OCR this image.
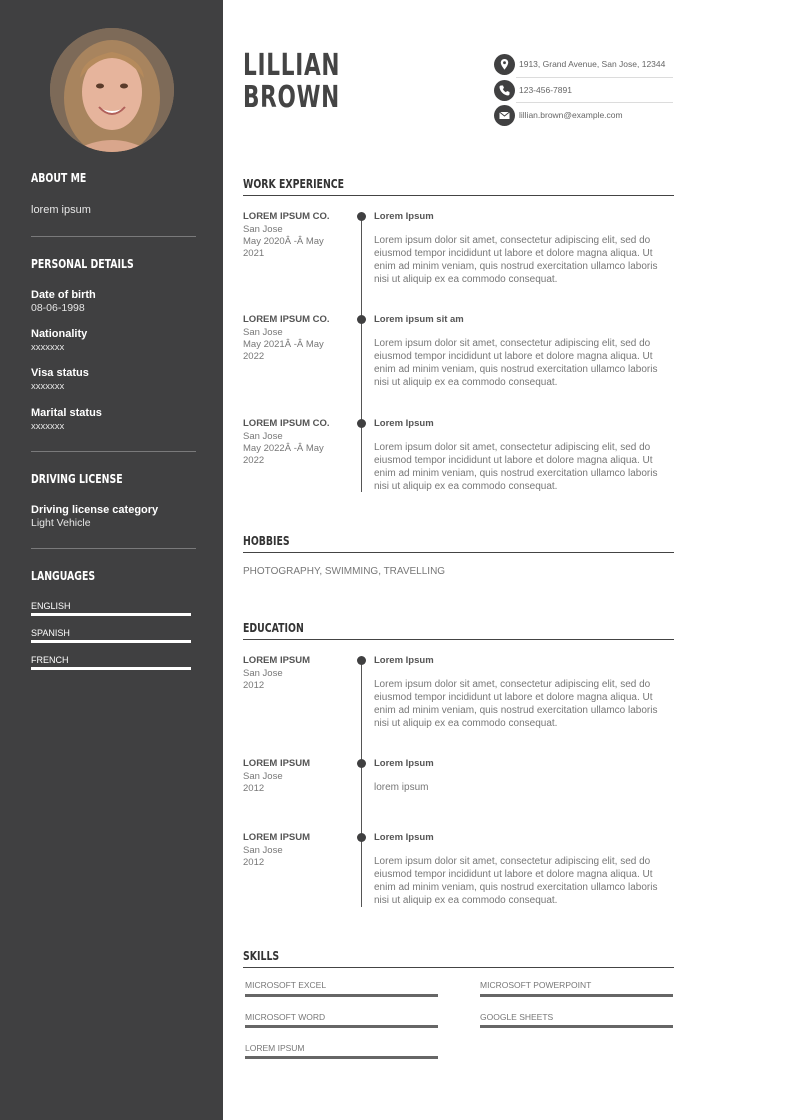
ABOUT ME
lorem ipsum
PERSONAL DETAILS
Date of birth
08-06-1998
Nationality
xxxxxxx
Visa status
xxxxxxx
Marital status
xxxxxxx
DRIVING LICENSE
Driving license category
Light Vehicle
LANGUAGES
ENGLISH
SPANISH
FRENCH
LILLIAN
BROWN
1913, Grand Avenue, San Jose, 12344
123-456-7891
lillian.brown@example.com
WORK EXPERIENCE
LOREM IPSUM CO.
San Jose
May 2020Â -Â May 2021
Lorem Ipsum
Lorem ipsum dolor sit amet, consectetur adipiscing elit, sed do eiusmod tempor incididunt ut labore et dolore magna aliqua. Ut enim ad minim veniam, quis nostrud exercitation ullamco laboris nisi ut aliquip ex ea commodo consequat.
LOREM IPSUM CO.
San Jose
May 2021Â -Â May 2022
Lorem ipsum sit am
Lorem ipsum dolor sit amet, consectetur adipiscing elit, sed do eiusmod tempor incididunt ut labore et dolore magna aliqua. Ut enim ad minim veniam, quis nostrud exercitation ullamco laboris nisi ut aliquip ex ea commodo consequat.
LOREM IPSUM CO.
San Jose
May 2022Â -Â May 2022
Lorem Ipsum
Lorem ipsum dolor sit amet, consectetur adipiscing elit, sed do eiusmod tempor incididunt ut labore et dolore magna aliqua. Ut enim ad minim veniam, quis nostrud exercitation ullamco laboris nisi ut aliquip ex ea commodo consequat.
HOBBIES
PHOTOGRAPHY, SWIMMING, TRAVELLING
EDUCATION
LOREM IPSUM
San Jose
2012
Lorem Ipsum
Lorem ipsum dolor sit amet, consectetur adipiscing elit, sed do eiusmod tempor incididunt ut labore et dolore magna aliqua. Ut enim ad minim veniam, quis nostrud exercitation ullamco laboris nisi ut aliquip ex ea commodo consequat.
LOREM IPSUM
San Jose
2012
Lorem Ipsum
lorem ipsum
LOREM IPSUM
San Jose
2012
Lorem Ipsum
Lorem ipsum dolor sit amet, consectetur adipiscing elit, sed do eiusmod tempor incididunt ut labore et dolore magna aliqua. Ut enim ad minim veniam, quis nostrud exercitation ullamco laboris nisi ut aliquip ex ea commodo consequat.
SKILLS
MICROSOFT EXCEL	MICROSOFT POWERPOINT
MICROSOFT WORD	GOOGLE SHEETS
LOREM IPSUM
